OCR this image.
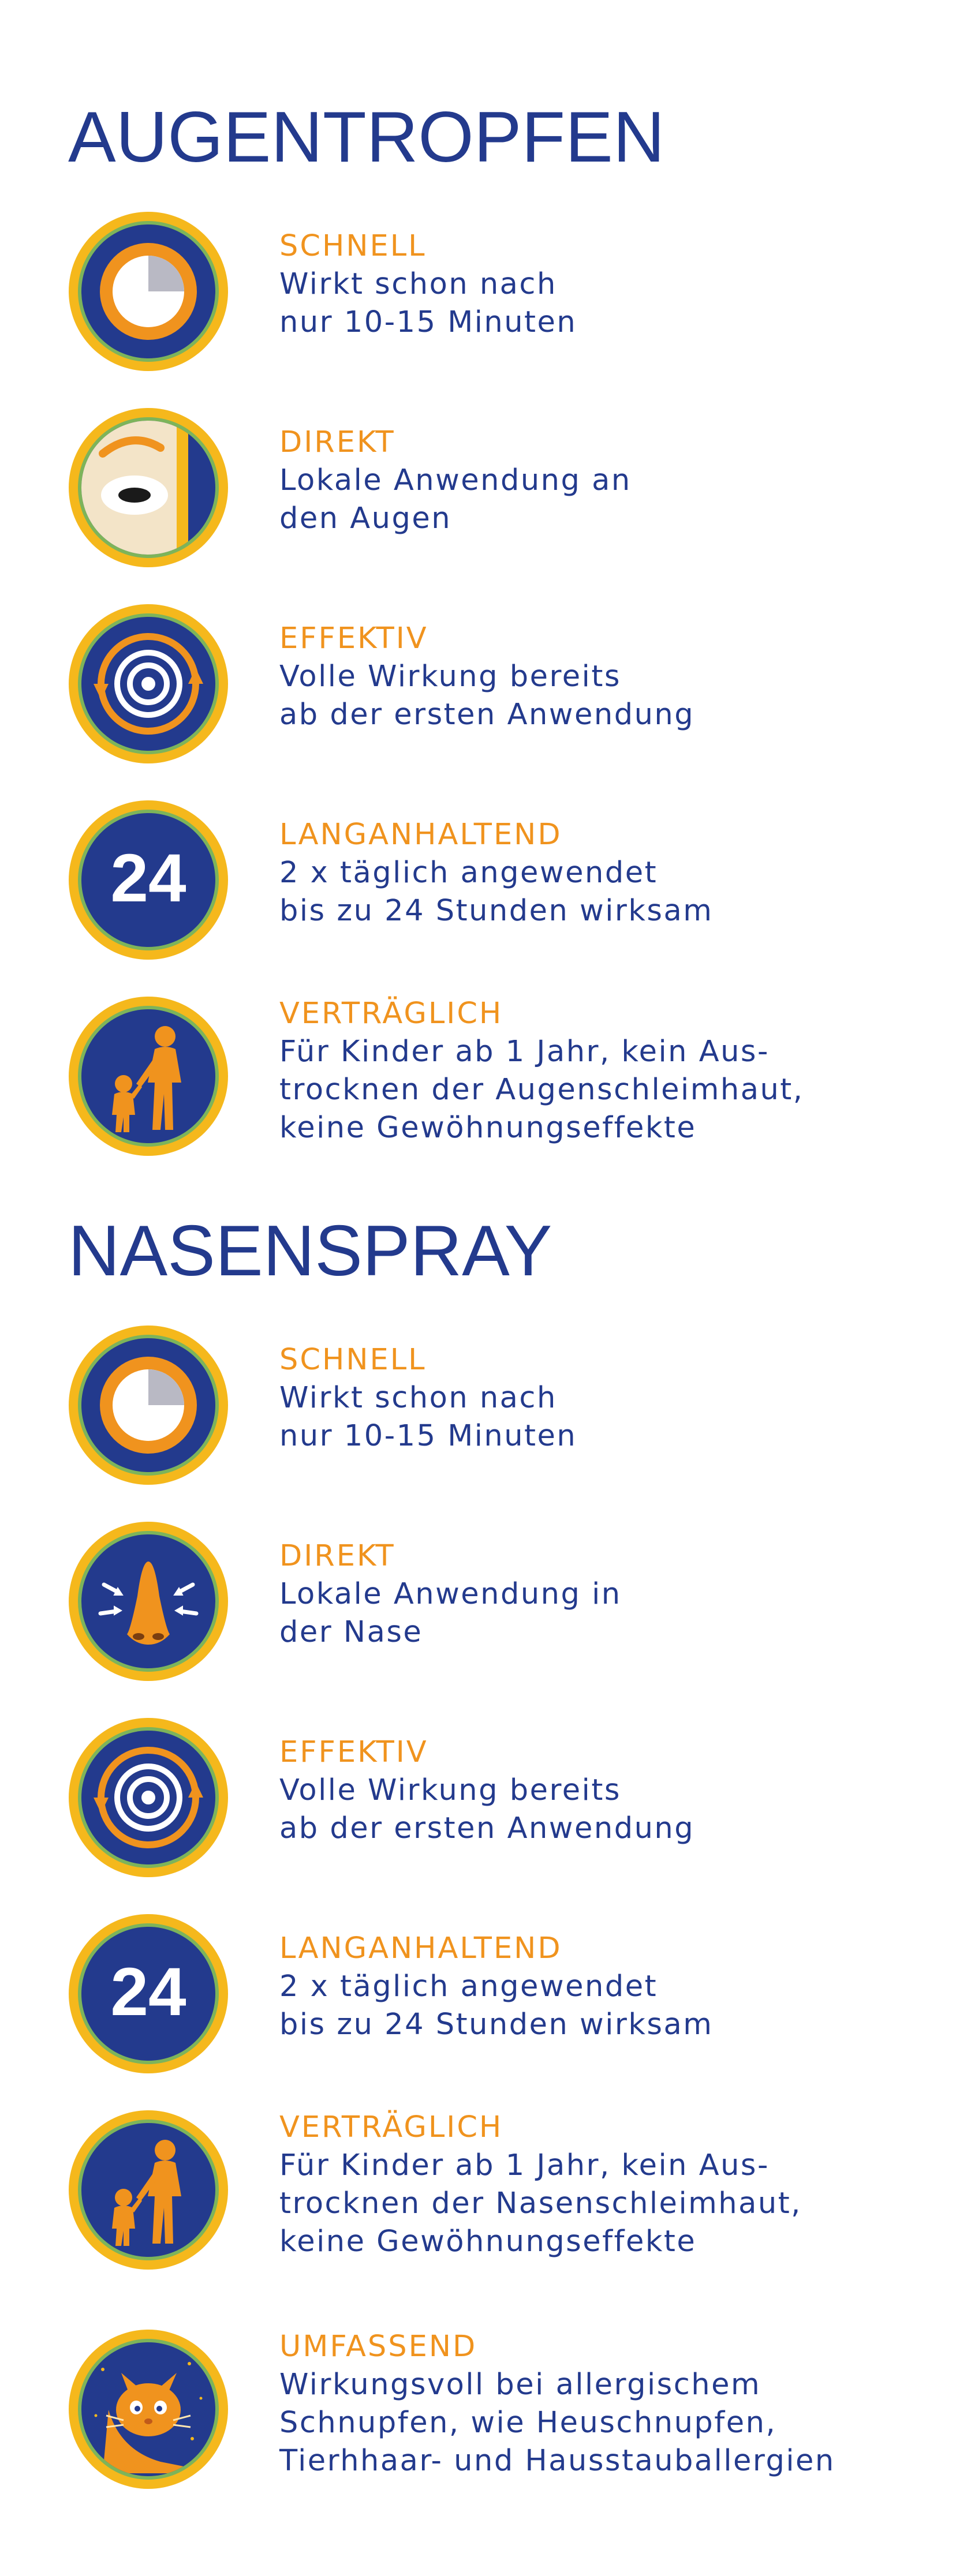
AUGENTROPFEN
SCHNELL
Wirkt schon nach
nur 10-15 Minuten
DIREKT
Lokale Anwendung an
den Augen
EFFEKTIV
Volle Wirkung bereits
ab der ersten Anwendung
24
LANGANHALTEND
2 x täglich angewendet
bis zu 24 Stunden wirksam
VERTRÄGLICH
Für Kinder ab 1 Jahr, kein Aus-
trocknen der Augenschleimhaut,
keine Gewöhnungseffekte
NASENSPRAY
SCHNELL
Wirkt schon nach
nur 10-15 Minuten
DIREKT
Lokale Anwendung in
der Nase
EFFEKTIV
Volle Wirkung bereits
ab der ersten Anwendung
24
LANGANHALTEND
2 x täglich angewendet
bis zu 24 Stunden wirksam
VERTRÄGLICH
Für Kinder ab 1 Jahr, kein Aus-
trocknen der Nasenschleimhaut,
keine Gewöhnungseffekte
UMFASSEND
Wirkungsvoll bei allergischem
Schnupfen, wie Heuschnupfen,
Tierhhaar- und Hausstauballergien
